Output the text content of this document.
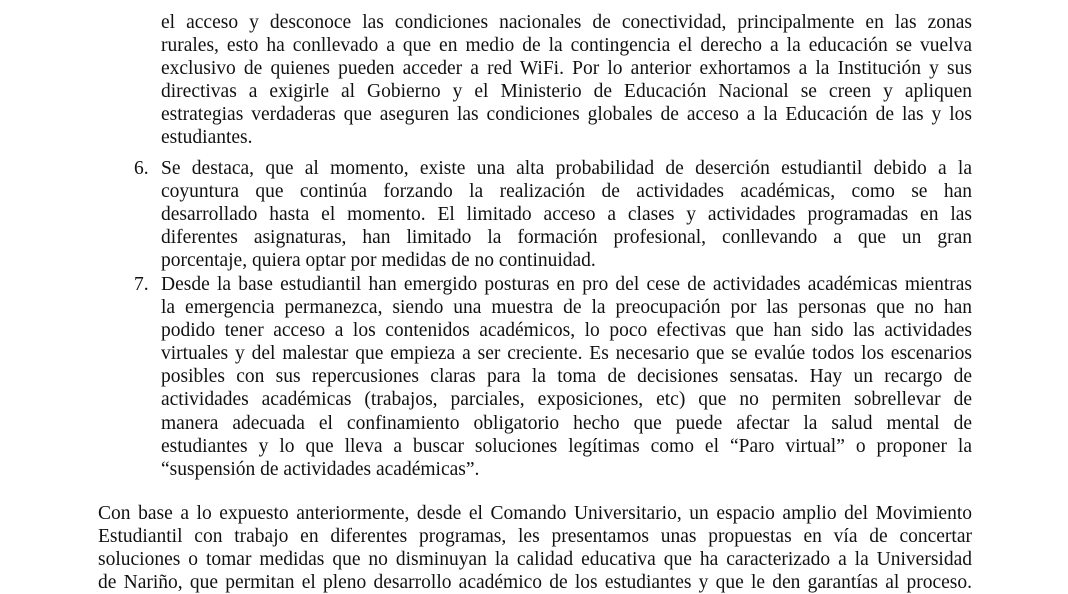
el acceso y desconoce las condiciones nacionales de conectividad, principalmente en las zonas
rurales, esto ha conllevado a que en medio de la contingencia el derecho a la educación se vuelva
exclusivo de quienes pueden acceder a red WiFi. Por lo anterior exhortamos a la Institución y sus
directivas a exigirle al Gobierno y el Ministerio de Educación Nacional se creen y apliquen
estrategias verdaderas que aseguren las condiciones globales de acceso a la Educación de las y los
estudiantes.
6. Se destaca, que al momento, existe una alta probabilidad de deserción estudiantil debido a la
coyuntura que continúa forzando la realización de actividades académicas, como se han
desarrollado hasta el momento. El limitado acceso a clases y actividades programadas en las
diferentes asignaturas, han limitado la formación profesional, conllevando a que un gran
porcentaje, quiera optar por medidas de no continuidad.
7. Desde la base estudiantil han emergido posturas en pro del cese de actividades académicas mientras
la emergencia permanezca, siendo una muestra de la preocupación por las personas que no han
podido tener acceso a los contenidos académicos, lo poco efectivas que han sido las actividades
virtuales y del malestar que empieza a ser creciente. Es necesario que se evalúe todos los escenarios
posibles con sus repercusiones claras para la toma de decisiones sensatas. Hay un recargo de
actividades académicas (trabajos, parciales, exposiciones, etc) que no permiten sobrellevar de
manera adecuada el confinamiento obligatorio hecho que puede afectar la salud mental de
estudiantes y lo que lleva a buscar soluciones legítimas como el “Paro virtual” o proponer la
“suspensión de actividades académicas”.
Con base a lo expuesto anteriormente, desde el Comando Universitario, un espacio amplio del Movimiento
Estudiantil con trabajo en diferentes programas, les presentamos unas propuestas en vía de concertar
soluciones o tomar medidas que no disminuyan la calidad educativa que ha caracterizado a la Universidad
de Nariño, que permitan el pleno desarrollo académico de los estudiantes y que le den garantías al proceso.
